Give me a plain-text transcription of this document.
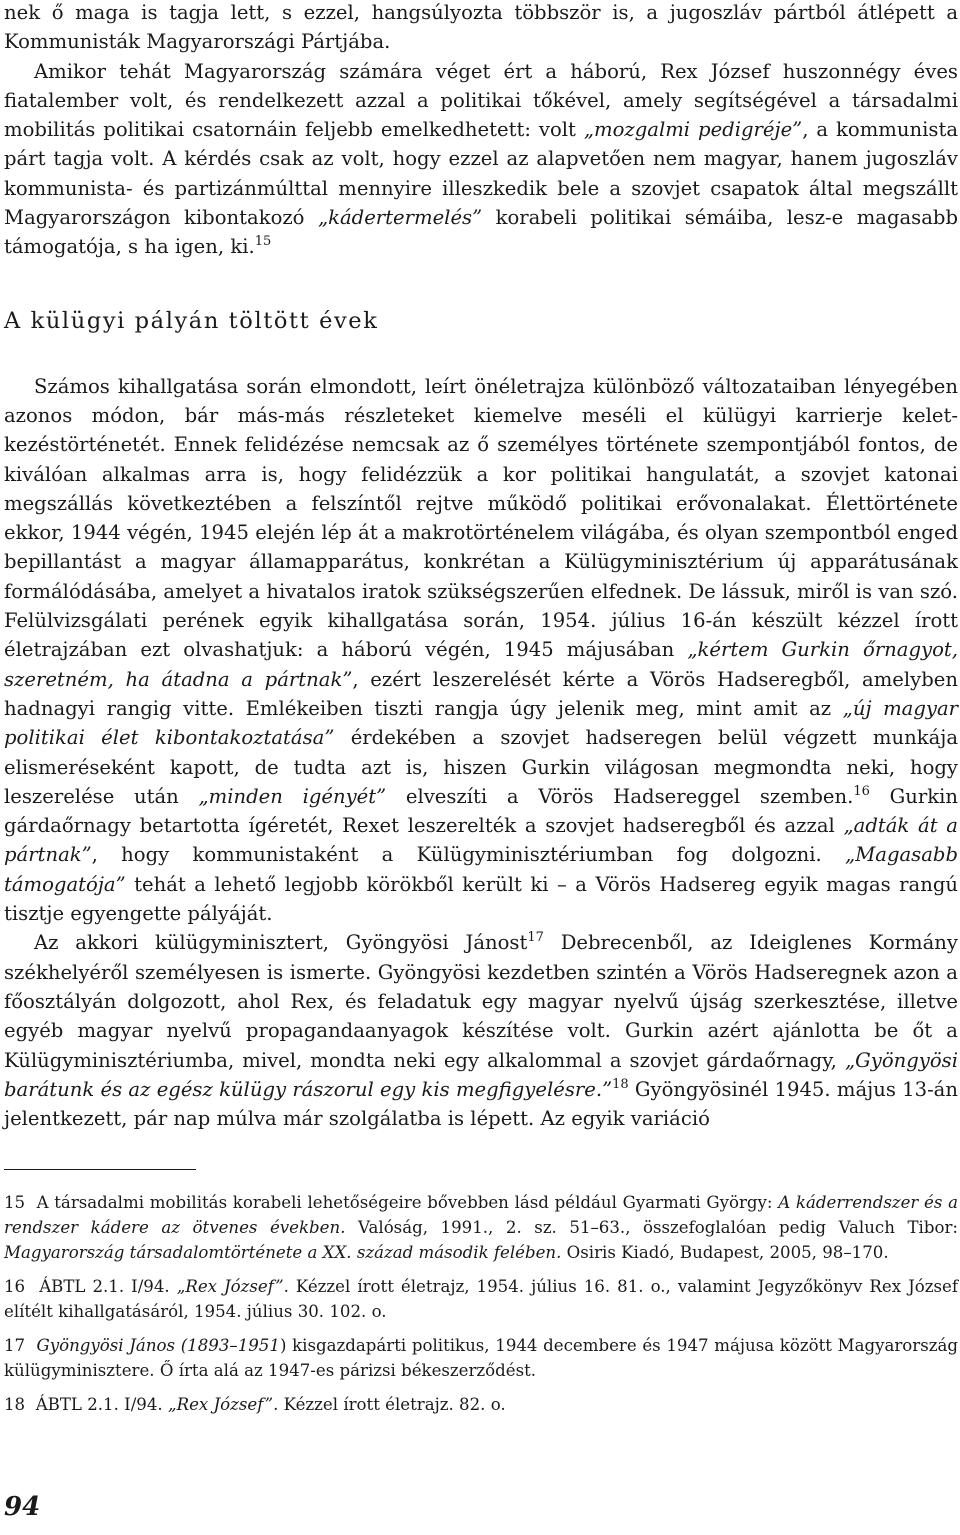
nek ő maga is tagja lett, s ezzel, hangsúlyozta többször is, a jugoszláv pártból átlépett a Kommunisták Magyarországi Pártjába.

Amikor tehát Magyarország számára véget ért a háború, Rex József huszonnégy éves fiatalember volt, és rendelkezett azzal a politikai tőkével, amely segítségével a társadalmi mobilitás politikai csatornáin feljebb emelkedhetett: volt „mozgalmi pedigréje”, a kommunista párt tagja volt. A kérdés csak az volt, hogy ezzel az alapvetően nem magyar, hanem jugoszláv kommunista- és partizánmúlttal mennyire illeszkedik bele a szovjet csapatok által megszállt Magyarországon kibontakozó „kádertermelés” korabeli politikai sémáiba, lesz-e magasabb támogatója, s ha igen, ki.$^{15}$

A külügyi pályán töltött évek

Számos kihallgatása során elmondott, leírt önéletrajza különböző változataiban lényegében azonos módon, bár más-más részleteket kiemelve meséli el külügyi karrierje keletkezéstörténetét. Ennek felidézése nemcsak az ő személyes története szempontjából fontos, de kiválóan alkalmas arra is, hogy felidézzük a kor politikai hangulatát, a szovjet katonai megszállás következtében a felszíntől rejtve működő politikai erővonalakat. Élettörténete ekkor, 1944 végén, 1945 elején lép át a makrotörténelem világába, és olyan szempontból enged bepillantást a magyar államapparátus, konkrétan a Külügyminisztérium új apparátusának formálódásába, amelyet a hivatalos iratok szükségszerűen elfednek. De lássuk, miről is van szó. Felülvizsgálati perének egyik kihallgatása során, 1954. július 16-án készült kézzel írott életrajzában ezt olvashatjuk: a háború végén, 1945 májusában „kértem Gurkin őrnagyot, szeretném, ha átadna a pártnak”, ezért leszerelését kérte a Vörös Hadseregből, amelyben hadnagyi rangig vitte. Emlékeiben tiszti rangja úgy jelenik meg, mint amit az „új magyar politikai élet kibontakoztatása” érdekében a szovjet hadseregen belül végzett munkája elismeréseként kapott, de tudta azt is, hiszen Gurkin világosan megmondta neki, hogy leszerelése után „minden igényét” elveszíti a Vörös Hadsereggel szemben.$^{16}$ Gurkin gárdaőrnagy betartotta ígéretét, Rexet leszerelték a szovjet hadseregből és azzal „adták át a pártnak”, hogy kommunistaként a Külügyminisztériumban fog dolgozni. „Magasabb támogatója” tehát a lehető legjobb körökből került ki – a Vörös Hadsereg egyik magas rangú tisztje egyengette pályáját.

Az akkori külügyminisztert, Gyöngyösi Jánost$^{17}$ Debrecenből, az Ideiglenes Kormány székhelyéről személyesen is ismerte. Gyöngyösi kezdetben szintén a Vörös Hadseregnek azon a főosztályán dolgozott, ahol Rex, és feladatuk egy magyar nyelvű újság szerkesztése, illetve egyéb magyar nyelvű propagandaanyagok készítése volt. Gurkin azért ajánlotta be őt a Külügyminisztériumba, mivel, mondta neki egy alkalommal a szovjet gárdaőrnagy, „Gyöngyösi barátunk és az egész külügy rászorul egy kis megfigyelésre.”$^{18}$ Gyöngyösinél 1945. május 13-án jelentkezett, pár nap múlva már szolgálatba is lépett. Az egyik variáció

15 A társadalmi mobilitás korabeli lehetőségeire bővebben lásd például Gyarmati György: A káderrendszer és a rendszer kádere az ötvenes években. Valóság, 1991., 2. sz. 51–63., összefoglalóan pedig Valuch Tibor: Magyarország társadalomtörténete a XX. század második felében. Osiris Kiadó, Budapest, 2005, 98–170.

16 ÁBTL 2.1. I/94. „Rex József”. Kézzel írott életrajz, 1954. július 16. 81. o., valamint Jegyzőkönyv Rex József elítélt kihallgatásáról, 1954. július 30. 102. o.

17 Gyöngyösi János (1893–1951) kisgazdapárti politikus, 1944 decembere és 1947 májusa között Magyarország külügyminisztere. Ő írta alá az 1947-es párizsi békeszerződést.

18 ÁBTL 2.1. I/94. „Rex József”. Kézzel írott életrajz. 82. o.

94
